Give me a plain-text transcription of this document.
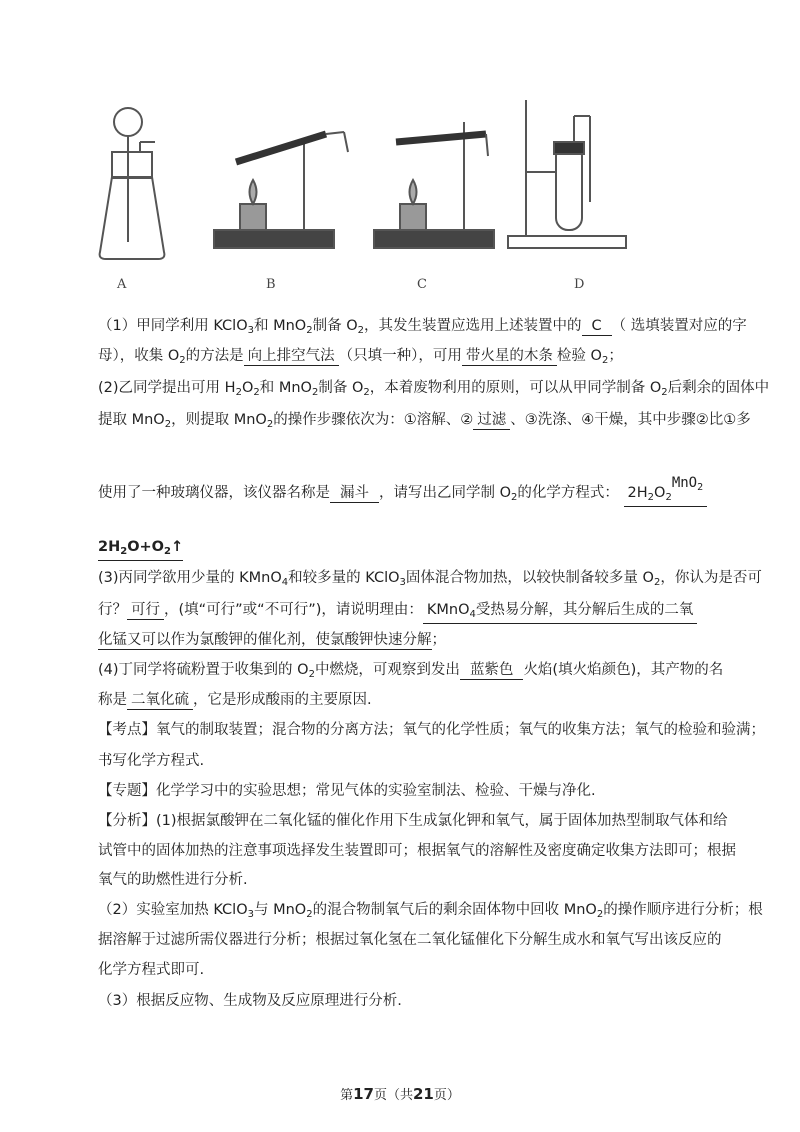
A	B	C	D
（1）甲同学利用 KClO$_3$和 MnO$_2$制备 $O_2$，其发生装置应选用上述装置中的 C （ 选填装置对应的字
母），收集 $O_2$的方法是 向上排空气法 （只填一种），可用 带火星的木条 检验 $O_2$；
(2)乙同学提出可用 $H_2O_2$和 MnO$_2$制备 $O_2$，本着废物利用的原则，可以从甲同学制备 $O_2$后剩余的固体中
提取 MnO$_2$，则提取 MnO$_2$的操作步骤依次为：①溶解、② 过滤 、③洗涤、④干燥，其中步骤②比①多
使用了一种玻璃仪器，该仪器名称是 漏斗 ，请写出乙同学制 $O_2$的化学方程式： $2H_2O_2MnO_2$
$2H_2O+O_2↑$
(3)丙同学欲用少量的 KMnO$_4$和较多量的 KClO$_3$固体混合物加热，以较快制备较多量 $O_2$，你认为是否可
行？ 可行 ，(填“可行”或“不可行”)，请说明理由： KMnO$_4$受热易分解，其分解后生成的二氧
化锰又可以作为氯酸钾的催化剂，使氯酸钾快速分解；
(4)丁同学将硫粉置于收集到的 $O_2$中燃烧，可观察到发出 蓝紫色 火焰(填火焰颜色)，其产物的名
称是 二氧化硫 ，它是形成酸雨的主要原因.
【考点】氧气的制取装置；混合物的分离方法；氧气的化学性质；氧气的收集方法；氧气的检验和验满；
书写化学方程式.
【专题】化学学习中的实验思想；常见气体的实验室制法、检验、干燥与净化.
【分析】(1)根据氯酸钾在二氧化锰的催化作用下生成氯化钾和氧气，属于固体加热型制取气体和给
试管中的固体加热的注意事项选择发生装置即可；根据氧气的溶解性及密度确定收集方法即可；根据
氧气的助燃性进行分析.
（2）实验室加热 KClO$_3$与 MnO$_2$的混合物制氧气后的剩余固体物中回收 MnO$_2$的操作顺序进行分析；根
据溶解于过滤所需仪器进行分析；根据过氧化氢在二氧化锰催化下分解生成水和氧气写出该反应的
化学方程式即可.
（3）根据反应物、生成物及反应原理进行分析.
第17页（共21页）
